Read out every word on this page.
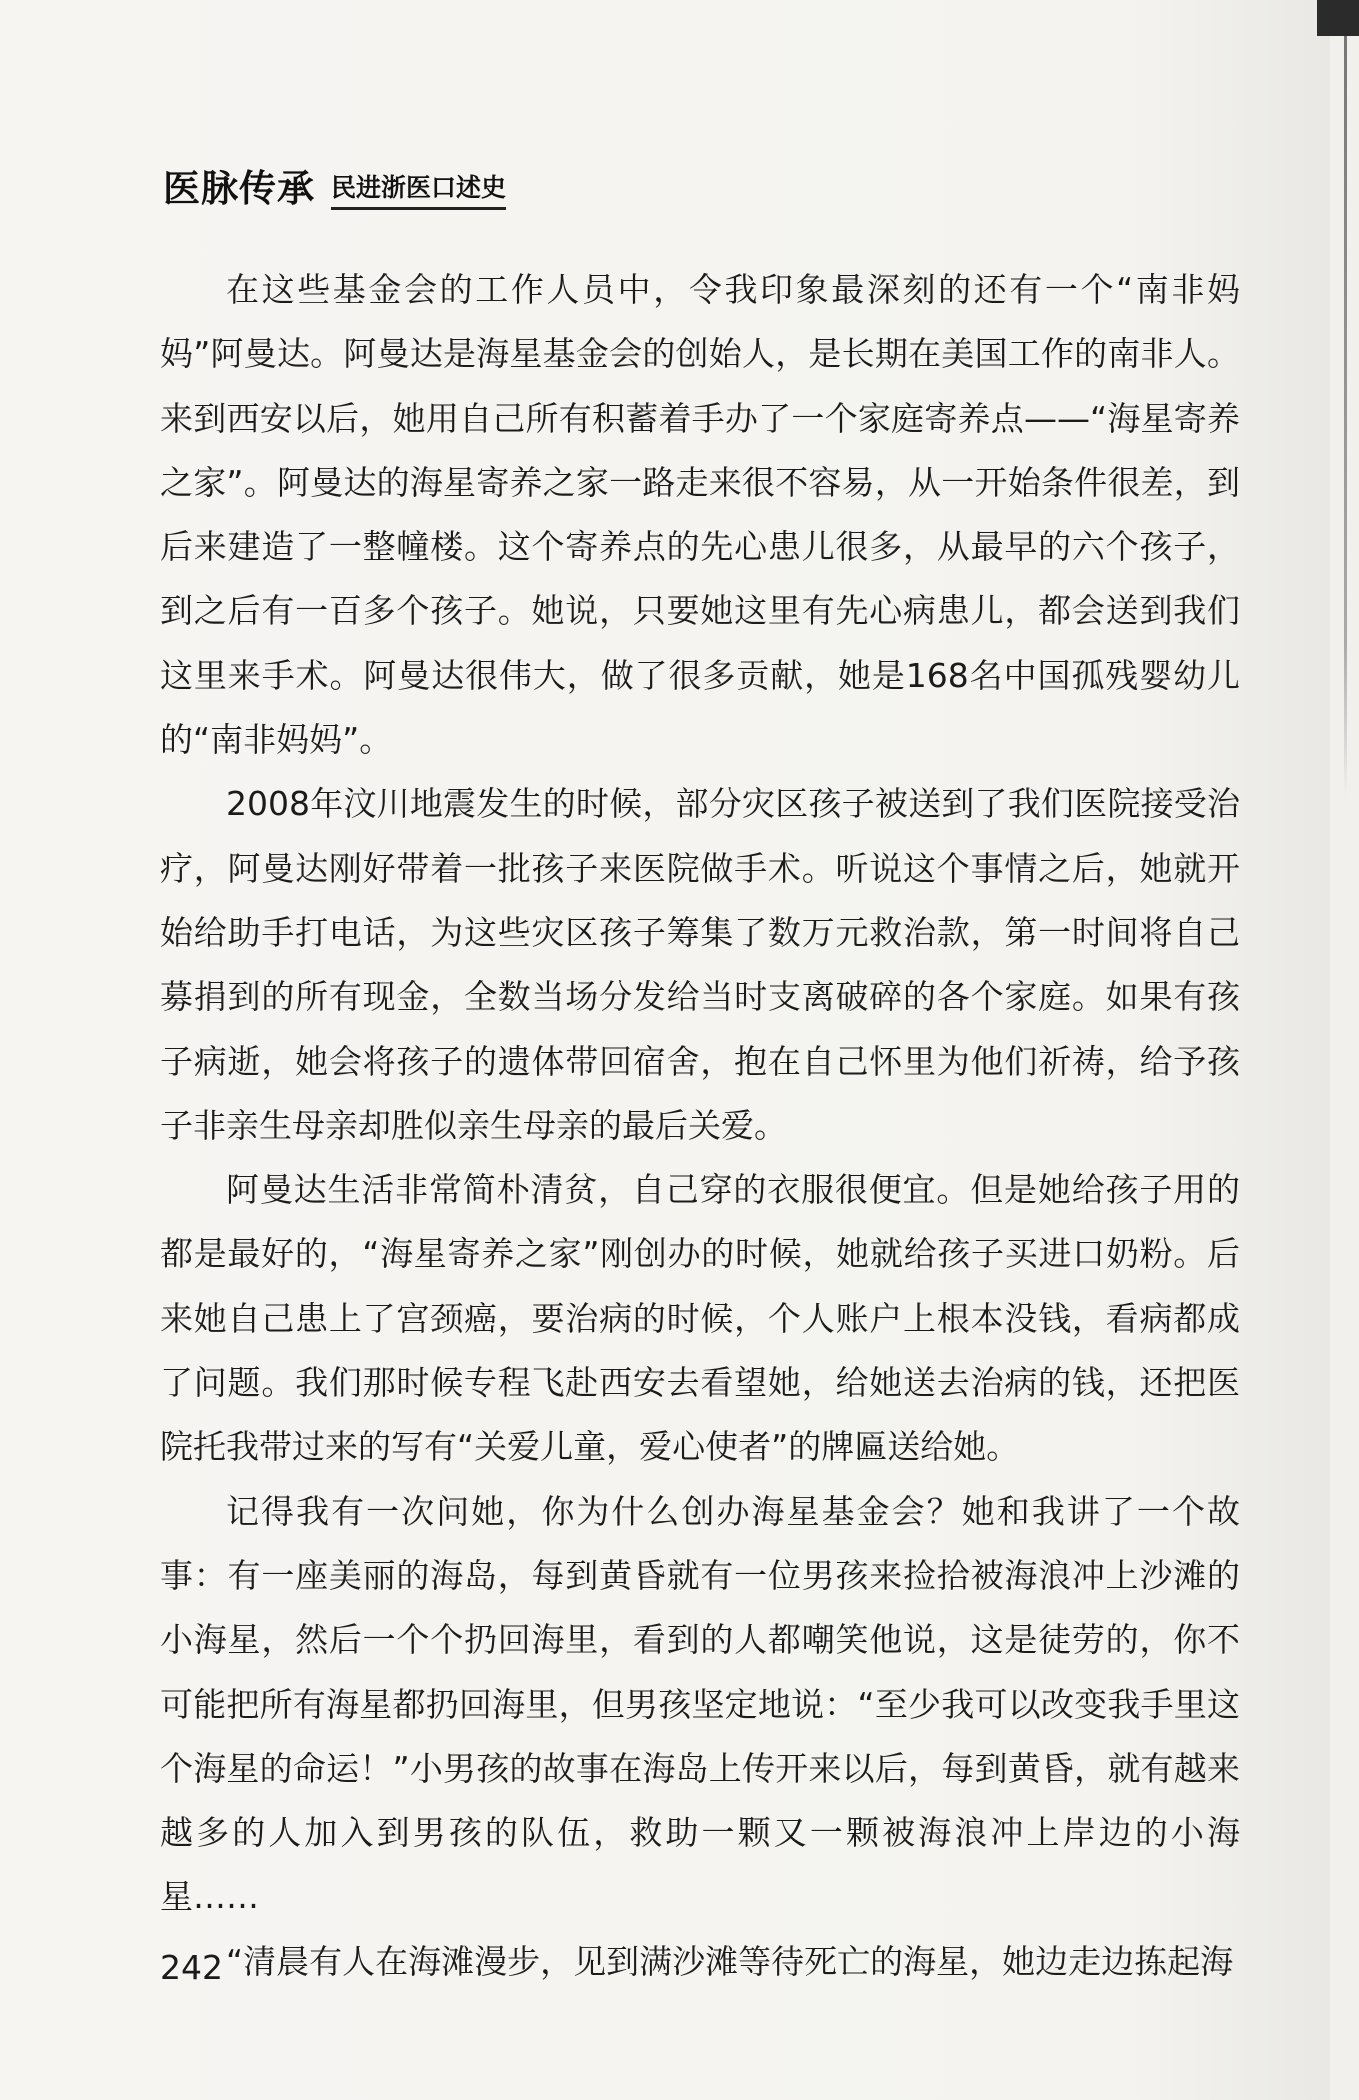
医脉传承 民进浙医口述史

在这些基金会的工作人员中，令我印象最深刻的还有一个“南非妈妈”阿曼达。阿曼达是海星基金会的创始人，是长期在美国工作的南非人。来到西安以后，她用自己所有积蓄着手办了一个家庭寄养点——“海星寄养之家”。阿曼达的海星寄养之家一路走来很不容易，从一开始条件很差，到后来建造了一整幢楼。这个寄养点的先心患儿很多，从最早的六个孩子，到之后有一百多个孩子。她说，只要她这里有先心病患儿，都会送到我们这里来手术。阿曼达很伟大，做了很多贡献，她是168名中国孤残婴幼儿的“南非妈妈”。

2008年汶川地震发生的时候，部分灾区孩子被送到了我们医院接受治疗，阿曼达刚好带着一批孩子来医院做手术。听说这个事情之后，她就开始给助手打电话，为这些灾区孩子筹集了数万元救治款，第一时间将自己募捐到的所有现金，全数当场分发给当时支离破碎的各个家庭。如果有孩子病逝，她会将孩子的遗体带回宿舍，抱在自己怀里为他们祈祷，给予孩子非亲生母亲却胜似亲生母亲的最后关爱。

阿曼达生活非常简朴清贫，自己穿的衣服很便宜。但是她给孩子用的都是最好的，“海星寄养之家”刚创办的时候，她就给孩子买进口奶粉。后来她自己患上了宫颈癌，要治病的时候，个人账户上根本没钱，看病都成了问题。我们那时候专程飞赴西安去看望她，给她送去治病的钱，还把医院托我带过来的写有“关爱儿童，爱心使者”的牌匾送给她。

记得我有一次问她，你为什么创办海星基金会？她和我讲了一个故事：有一座美丽的海岛，每到黄昏就有一位男孩来捡拾被海浪冲上沙滩的小海星，然后一个个扔回海里，看到的人都嘲笑他说，这是徒劳的，你不可能把所有海星都扔回海里，但男孩坚定地说：“至少我可以改变我手里这个海星的命运！”小男孩的故事在海岛上传开来以后，每到黄昏，就有越来越多的人加入到男孩的队伍，救助一颗又一颗被海浪冲上岸边的小海星……

“清晨有人在海滩漫步，见到满沙滩等待死亡的海星，她边走边拣起海

242
